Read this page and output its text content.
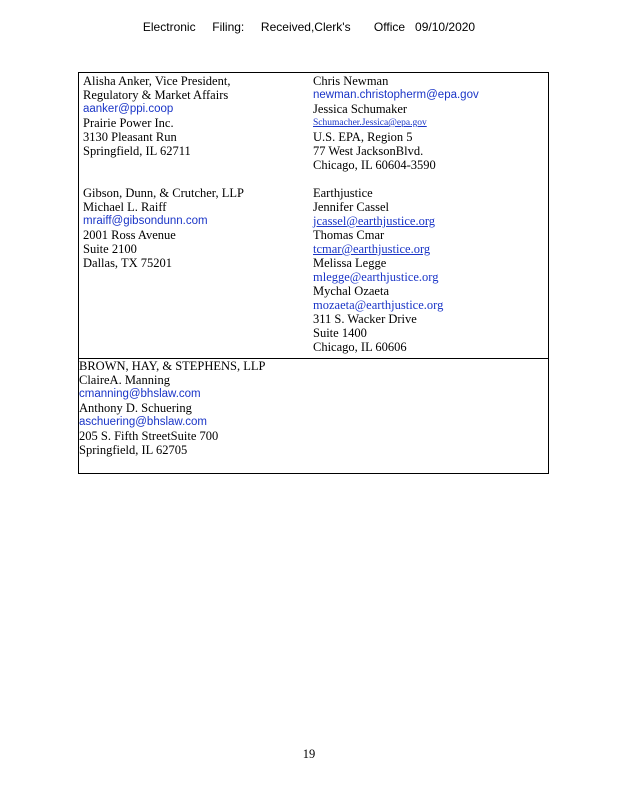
Electronic     Filing:     Received,Clerk's       Office   09/10/2020
Alisha Anker, Vice President,
Regulatory & Market Affairs
aanker@ppi.coop
Prairie Power Inc.
3130 Pleasant Run
Springfield, IL 62711
Gibson, Dunn, & Crutcher, LLP
Michael L. Raiff
mraiff@gibsondunn.com
2001 Ross Avenue
Suite 2100
Dallas, TX 75201
Chris Newman
newman.christopherm@epa.gov
Jessica Schumaker
Schumacher.Jessica@epa.gov
U.S. EPA, Region 5
77 West JacksonBlvd.
Chicago, IL 60604-3590
Earthjustice
Jennifer Cassel
jcassel@earthjustice.org
Thomas Cmar
tcmar@earthjustice.org
Melissa Legge
mlegge@earthjustice.org
Mychal Ozaeta
mozaeta@earthjustice.org
311 S. Wacker Drive
Suite 1400
Chicago, IL 60606
BROWN, HAY, & STEPHENS, LLP
ClaireA. Manning
cmanning@bhslaw.com
Anthony D. Schuering
aschuering@bhslaw.com
205 S. Fifth StreetSuite 700
Springfield, IL 62705
19
